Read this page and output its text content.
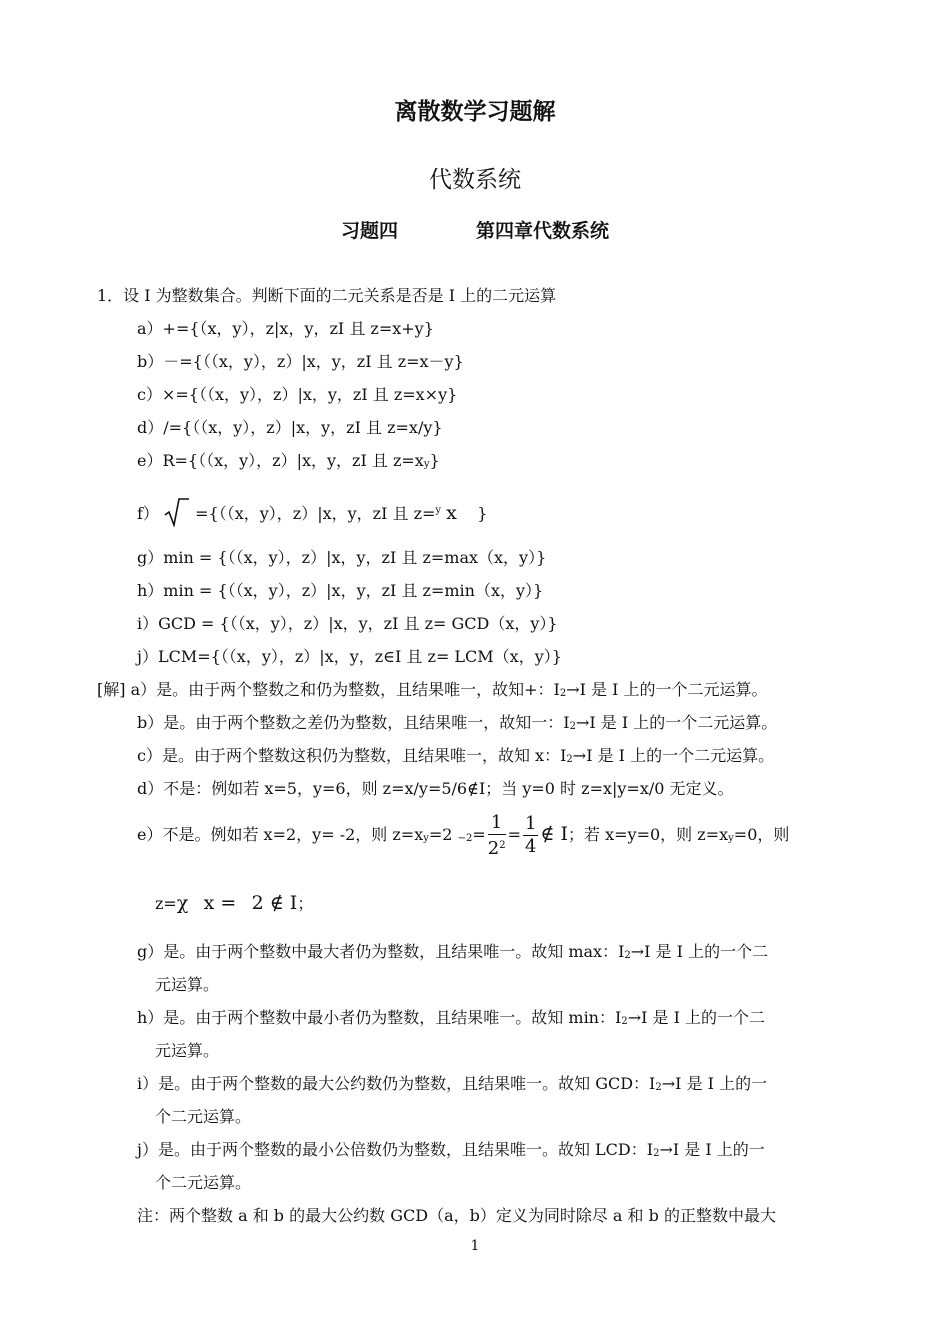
离散数学习题解
代数系统
习题四	第四章代数系统
1．设 I 为整数集合。判断下面的二元关系是否是 I 上的二元运算
a）+={（x，y），z|x，y，zI 且 z=x+y}
b）－={（（x，y），z）|x，y，zI 且 z=x－y}
c）×={（（x，y），z）|x，y，zI 且 z=x×y}
d）/={（（x，y），z）|x，y，zI 且 z=x/y}
e）R={（（x，y），z）|x，y，zI 且 $z=x_y$}
f） ={（（x，y），z）|x，y，zI 且 z=$^y$ x }
g）min = {（（x，y），z）|x，y，zI 且 z=max（x，y）}
h）min = {（（x，y），z）|x，y，zI 且 z=min（x，y）}
i）GCD = {（（x，y），z）|x，y，zI 且 z= GCD（x，y）}
j）LCM={（（x，y），z）|x，y，z∈I 且 z= LCM（x，y）}
[解] a）是。由于两个整数之和仍为整数，且结果唯一，故知+：$I_2\to I$ 是 I 上的一个二元运算。
b）是。由于两个整数之差仍为整数，且结果唯一，故知一：$I_2\to I$ 是 I 上的一个二元运算。
c）是。由于两个整数这积仍为整数，且结果唯一，故知 x：$I_2\to I$ 是 I 上的一个二元运算。
d）不是：例如若 x=5，y=6，则 z=x/y=5/6∉I；当 y=0 时 z=x|y=x/0 无定义。
e）不是。例如若 x=2，y= -2，则 $z=x_y=2$ $_{-2}= \frac{1}{2^2} = \frac{1}{4}$ ∉ I；若 x=y=0，则 $z=x_y=0$，则
z=χ x = 2 ∉ I；
g）是。由于两个整数中最大者仍为整数，且结果唯一。故知 max：$I_2\to I$ 是 I 上的一个二
元运算。
h）是。由于两个整数中最小者仍为整数，且结果唯一。故知 min：$I_2\to I$ 是 I 上的一个二
元运算。
i）是。由于两个整数的最大公约数仍为整数，且结果唯一。故知 GCD：$I_2\to I$ 是 I 上的一
个二元运算。
j）是。由于两个整数的最小公倍数仍为整数，且结果唯一。故知 LCD：$I_2\to I$ 是 I 上的一
个二元运算。
注：两个整数 a 和 b 的最大公约数 GCD（a，b）定义为同时除尽 a 和 b 的正整数中最大
1
